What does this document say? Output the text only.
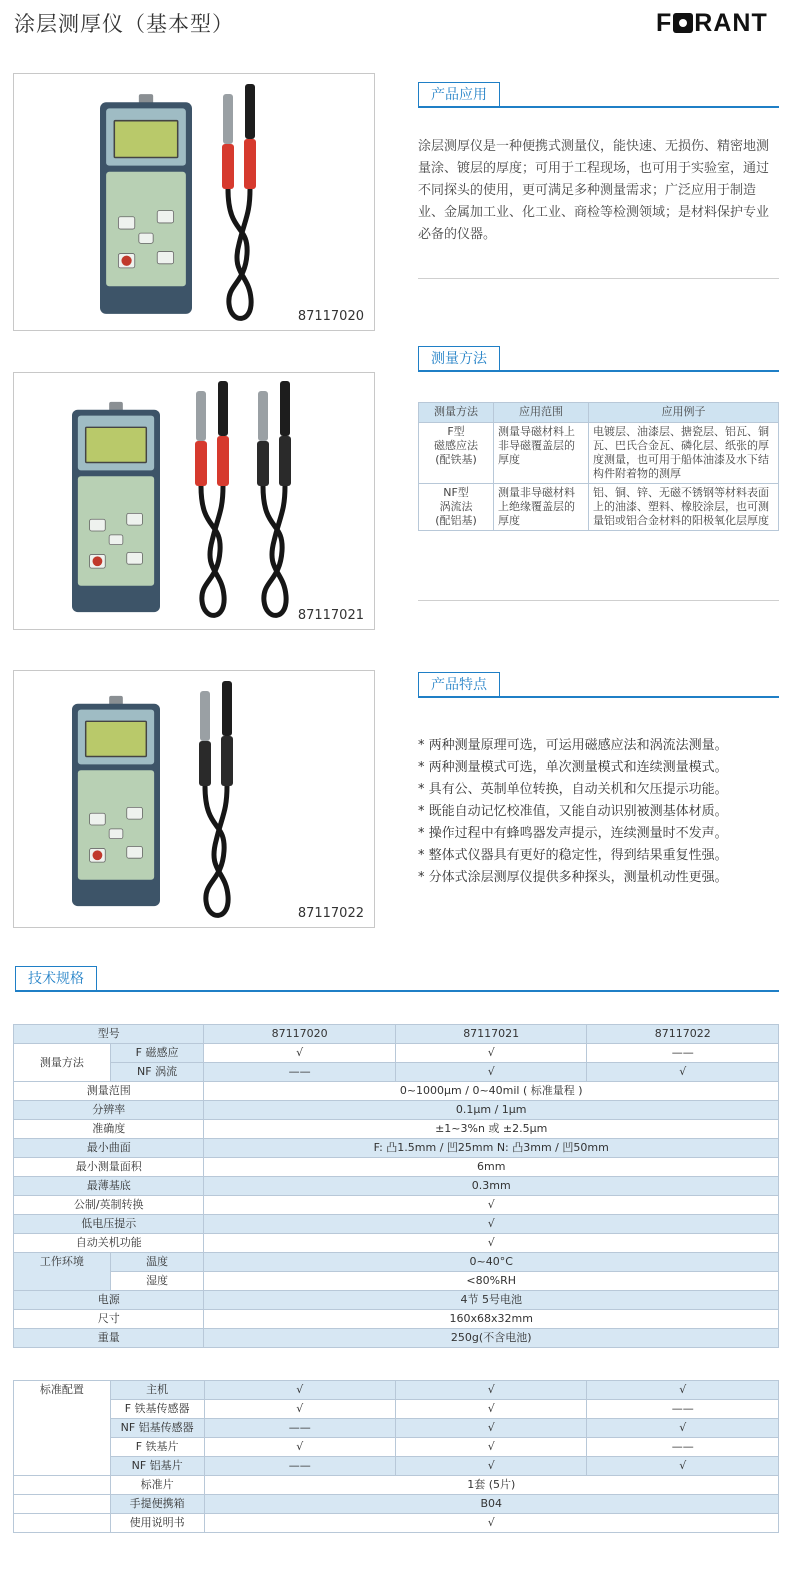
涂层测厚仪（基本型）	F RANT
87117020
87117021
87117022
产品应用
涂层测厚仪是一种便携式测量仪，能快速、无损伤、精密地测量涂、镀层的厚度；可用于工程现场，也可用于实验室，通过不同探头的使用，更可满足多种测量需求；广泛应用于制造业、金属加工业、化工业、商检等检测领域；是材料保护专业必备的仪器。
测量方法
测量方法	应用范围	应用例子
F型
磁感应法
(配铁基)	测量导磁材料上非导磁覆盖层的厚度	电镀层、油漆层、搪瓷层、铝瓦、铜瓦、巴氏合金瓦、磷化层、纸张的厚度测量，也可用于船体油漆及水下结构件附着物的测厚
NF型
涡流法
(配铝基)	测量非导磁材料上绝缘覆盖层的厚度	铝、铜、锌、无磁不锈钢等材料表面上的油漆、塑料、橡胶涂层，也可测量铝或铝合金材料的阳极氧化层厚度
产品特点
* 两种测量原理可选，可运用磁感应法和涡流法测量。
* 两种测量模式可选，单次测量模式和连续测量模式。
* 具有公、英制单位转换，自动关机和欠压提示功能。
* 既能自动记忆校准值，又能自动识别被测基体材质。
* 操作过程中有蜂鸣器发声提示，连续测量时不发声。
* 整体式仪器具有更好的稳定性，得到结果重复性强。
* 分体式涂层测厚仪提供多种探头，测量机动性更强。
技术规格
型号		87117020	87117021	87117022
测量方法	F 磁感应	√	√	——
	NF 涡流	——	√	√
测量范围		0~1000μm / 0~40mil ( 标准量程 )		
分辨率		0.1μm / 1μm		
准确度		±1~3%n 或 ±2.5μm		
最小曲面		F: 凸1.5mm / 凹25mm N: 凸3mm / 凹50mm		
最小测量面积		6mm		
最薄基底		0.3mm		
公制/英制转换		√		
低电压提示		√		
自动关机功能		√		
工作环境	温度	0~40°C		
	湿度	<80%RH		
电源		4节 5号电池		
尺寸		160x68x32mm		
重量		250g(不含电池)		
标准配置	主机	√	√	√
	F 铁基传感器	√	√	——
	NF 铝基传感器	——	√	√
	F 铁基片	√	√	——
	NF 铝基片	——	√	√
	标准片	1套 (5片)		
	手提便携箱	B04		
	使用说明书	√		
